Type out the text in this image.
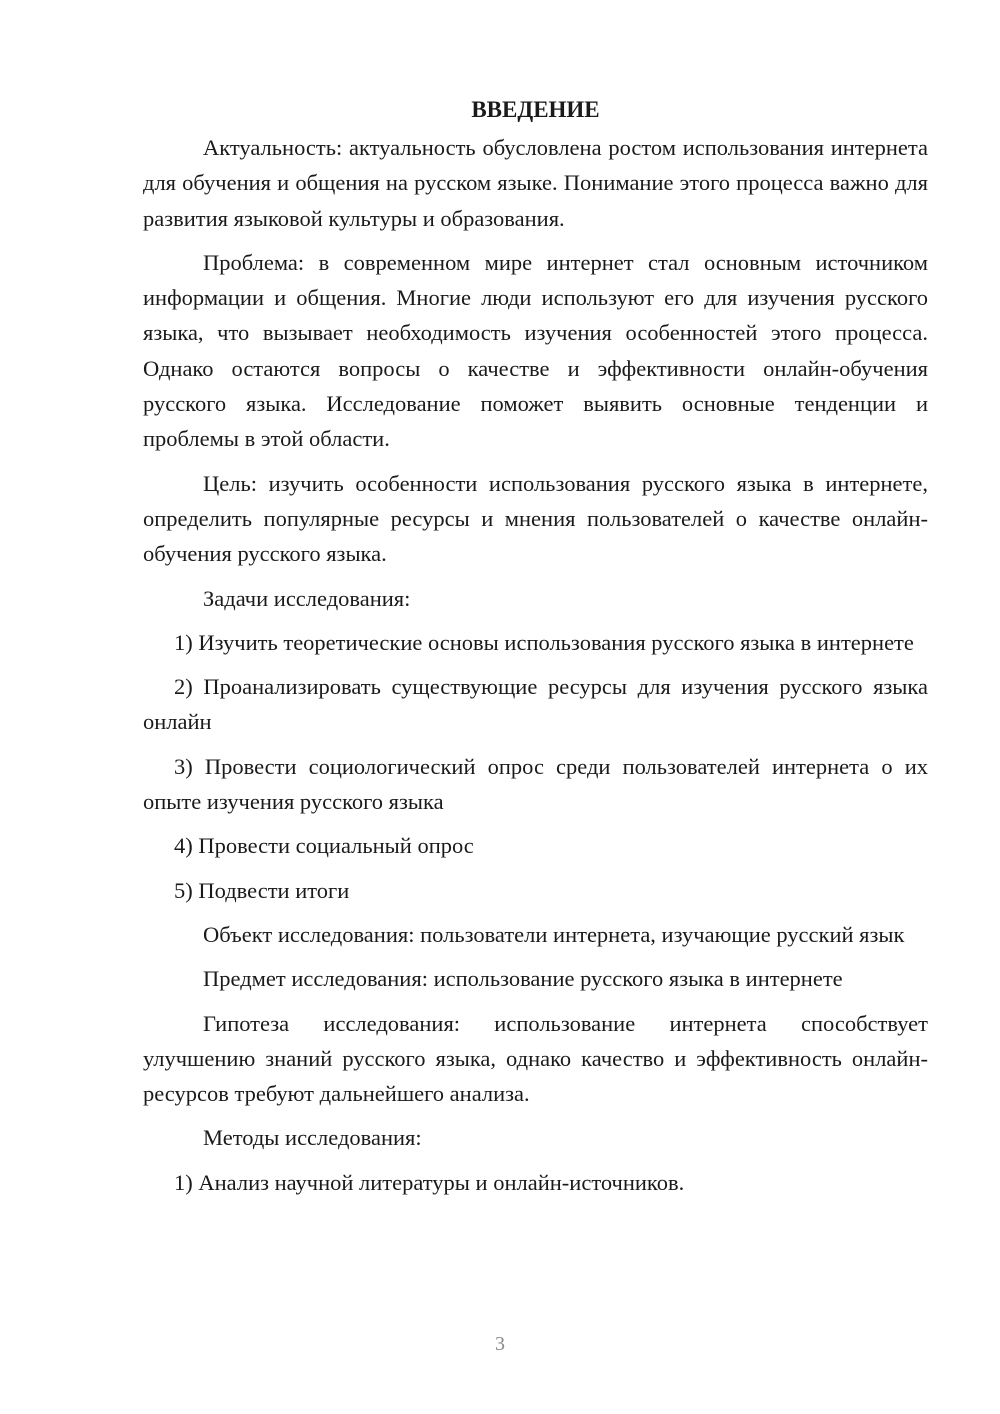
ВВЕДЕНИЕ

Актуальность: актуальность обусловлена ростом использования интернета для обучения и общения на русском языке. Понимание этого процесса важно для развития языковой культуры и образования.

Проблема: в современном мире интернет стал основным источником информации и общения. Многие люди используют его для изучения русского языка, что вызывает необходимость изучения особенностей этого процесса. Однако остаются вопросы о качестве и эффективности онлайн-обучения русского языка. Исследование поможет выявить основные тенденции и проблемы в этой области.

Цель: изучить особенности использования русского языка в интернете, определить популярные ресурсы и мнения пользователей о качестве онлайн-обучения русского языка.

Задачи исследования:

1) Изучить теоретические основы использования русского языка в интернете

2) Проанализировать существующие ресурсы для изучения русского языка онлайн

3) Провести социологический опрос среди пользователей интернета о их опыте изучения русского языка

4) Провести социальный опрос

5) Подвести итоги

Объект исследования: пользователи интернета, изучающие русский язык

Предмет исследования: использование русского языка в интернете

Гипотеза исследования: использование интернета способствует улучшению знаний русского языка, однако качество и эффективность онлайн-ресурсов требуют дальнейшего анализа.

Методы исследования:

1) Анализ научной литературы и онлайн-источников.

3
